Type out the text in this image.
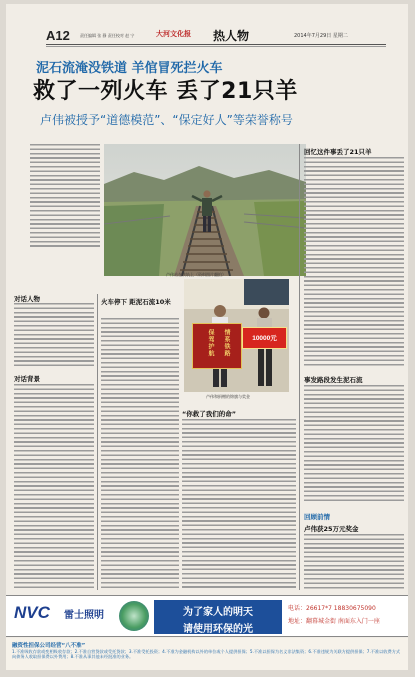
A12	责任编辑 张 静 责任校对 赵 宁	大河文化报 热人物	2014年7月29日 星期二
泥石流淹没铁道 羊倌冒死拦火车
救了一列火车 丢了21只羊
卢伟被授予“道德模范”、“保定好人”等荣誉称号
卢伟站在铁轨上（资料图片翻拍）
对话人物
对话背景
火车停下 距泥石流10米
情系铁路
保驾护航	10000元
卢伟和捐赠的锦旗与奖金
“你救了我们的命”
回忆这件事丢了21只羊
事发路段发生泥石流
回顾前情
卢伟获25万元奖金
NVC 雷士照明	为了家人的明天
请使用环保的光
电话：26617*7 18830675090
地址：翻幕城金街 南面东入门一座
融资性担保公司经营“八不准”
1.不准吸收存款或变相吸收存款；2.不准自营贷款或受托贷款；3.不准受托投资；4.不准为金融机构以外的单位或个人提供担保；5.不准以担保为名义非法集资；6.不准违规为关联方提供担保；7.不准以收费方式向债务人收取担保费以外费用；8.不准从事其他未经批准的业务。
